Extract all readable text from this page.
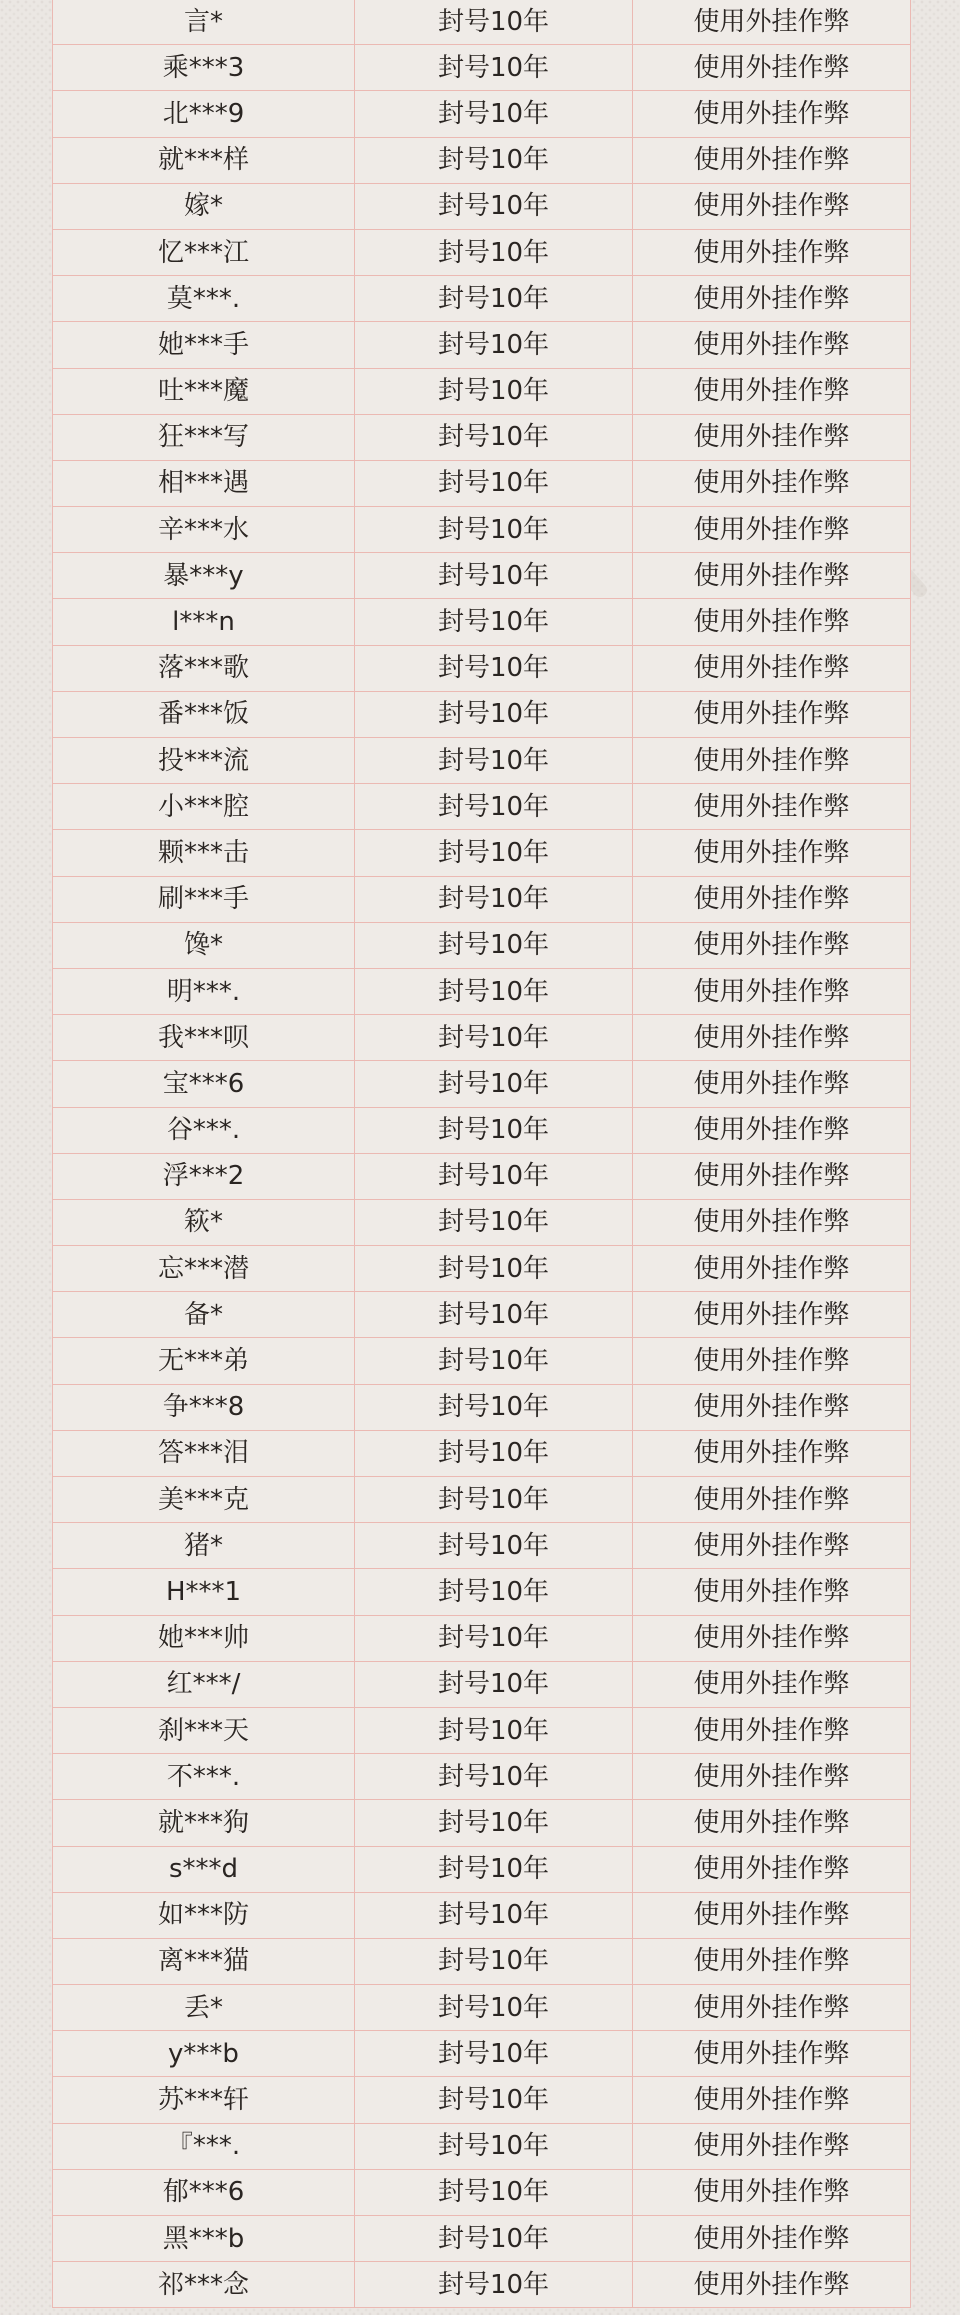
言*	封号10年	使用外挂作弊
乘***3	封号10年	使用外挂作弊
北***9	封号10年	使用外挂作弊
就***样	封号10年	使用外挂作弊
嫁*	封号10年	使用外挂作弊
忆***江	封号10年	使用外挂作弊
莫***.	封号10年	使用外挂作弊
她***手	封号10年	使用外挂作弊
吐***魔	封号10年	使用外挂作弊
狂***写	封号10年	使用外挂作弊
相***遇	封号10年	使用外挂作弊
辛***水	封号10年	使用外挂作弊
暴***y	封号10年	使用外挂作弊
l***n	封号10年	使用外挂作弊
落***歌	封号10年	使用外挂作弊
番***饭	封号10年	使用外挂作弊
投***流	封号10年	使用外挂作弊
小***腔	封号10年	使用外挂作弊
颗***击	封号10年	使用外挂作弊
刷***手	封号10年	使用外挂作弊
馋*	封号10年	使用外挂作弊
明***.	封号10年	使用外挂作弊
我***呗	封号10年	使用外挂作弊
宝***6	封号10年	使用外挂作弊
谷***.	封号10年	使用外挂作弊
浮***2	封号10年	使用外挂作弊
篍*	封号10年	使用外挂作弊
忘***潜	封号10年	使用外挂作弊
备*	封号10年	使用外挂作弊
无***弟	封号10年	使用外挂作弊
争***8	封号10年	使用外挂作弊
答***泪	封号10年	使用外挂作弊
美***克	封号10年	使用外挂作弊
猪*	封号10年	使用外挂作弊
H***1	封号10年	使用外挂作弊
她***帅	封号10年	使用外挂作弊
红***/	封号10年	使用外挂作弊
刹***天	封号10年	使用外挂作弊
不***.	封号10年	使用外挂作弊
就***狗	封号10年	使用外挂作弊
s***d	封号10年	使用外挂作弊
如***防	封号10年	使用外挂作弊
离***猫	封号10年	使用外挂作弊
丢*	封号10年	使用外挂作弊
y***b	封号10年	使用外挂作弊
苏***轩	封号10年	使用外挂作弊
『***.	封号10年	使用外挂作弊
郁***6	封号10年	使用外挂作弊
黑***b	封号10年	使用外挂作弊
祁***念	封号10年	使用外挂作弊
